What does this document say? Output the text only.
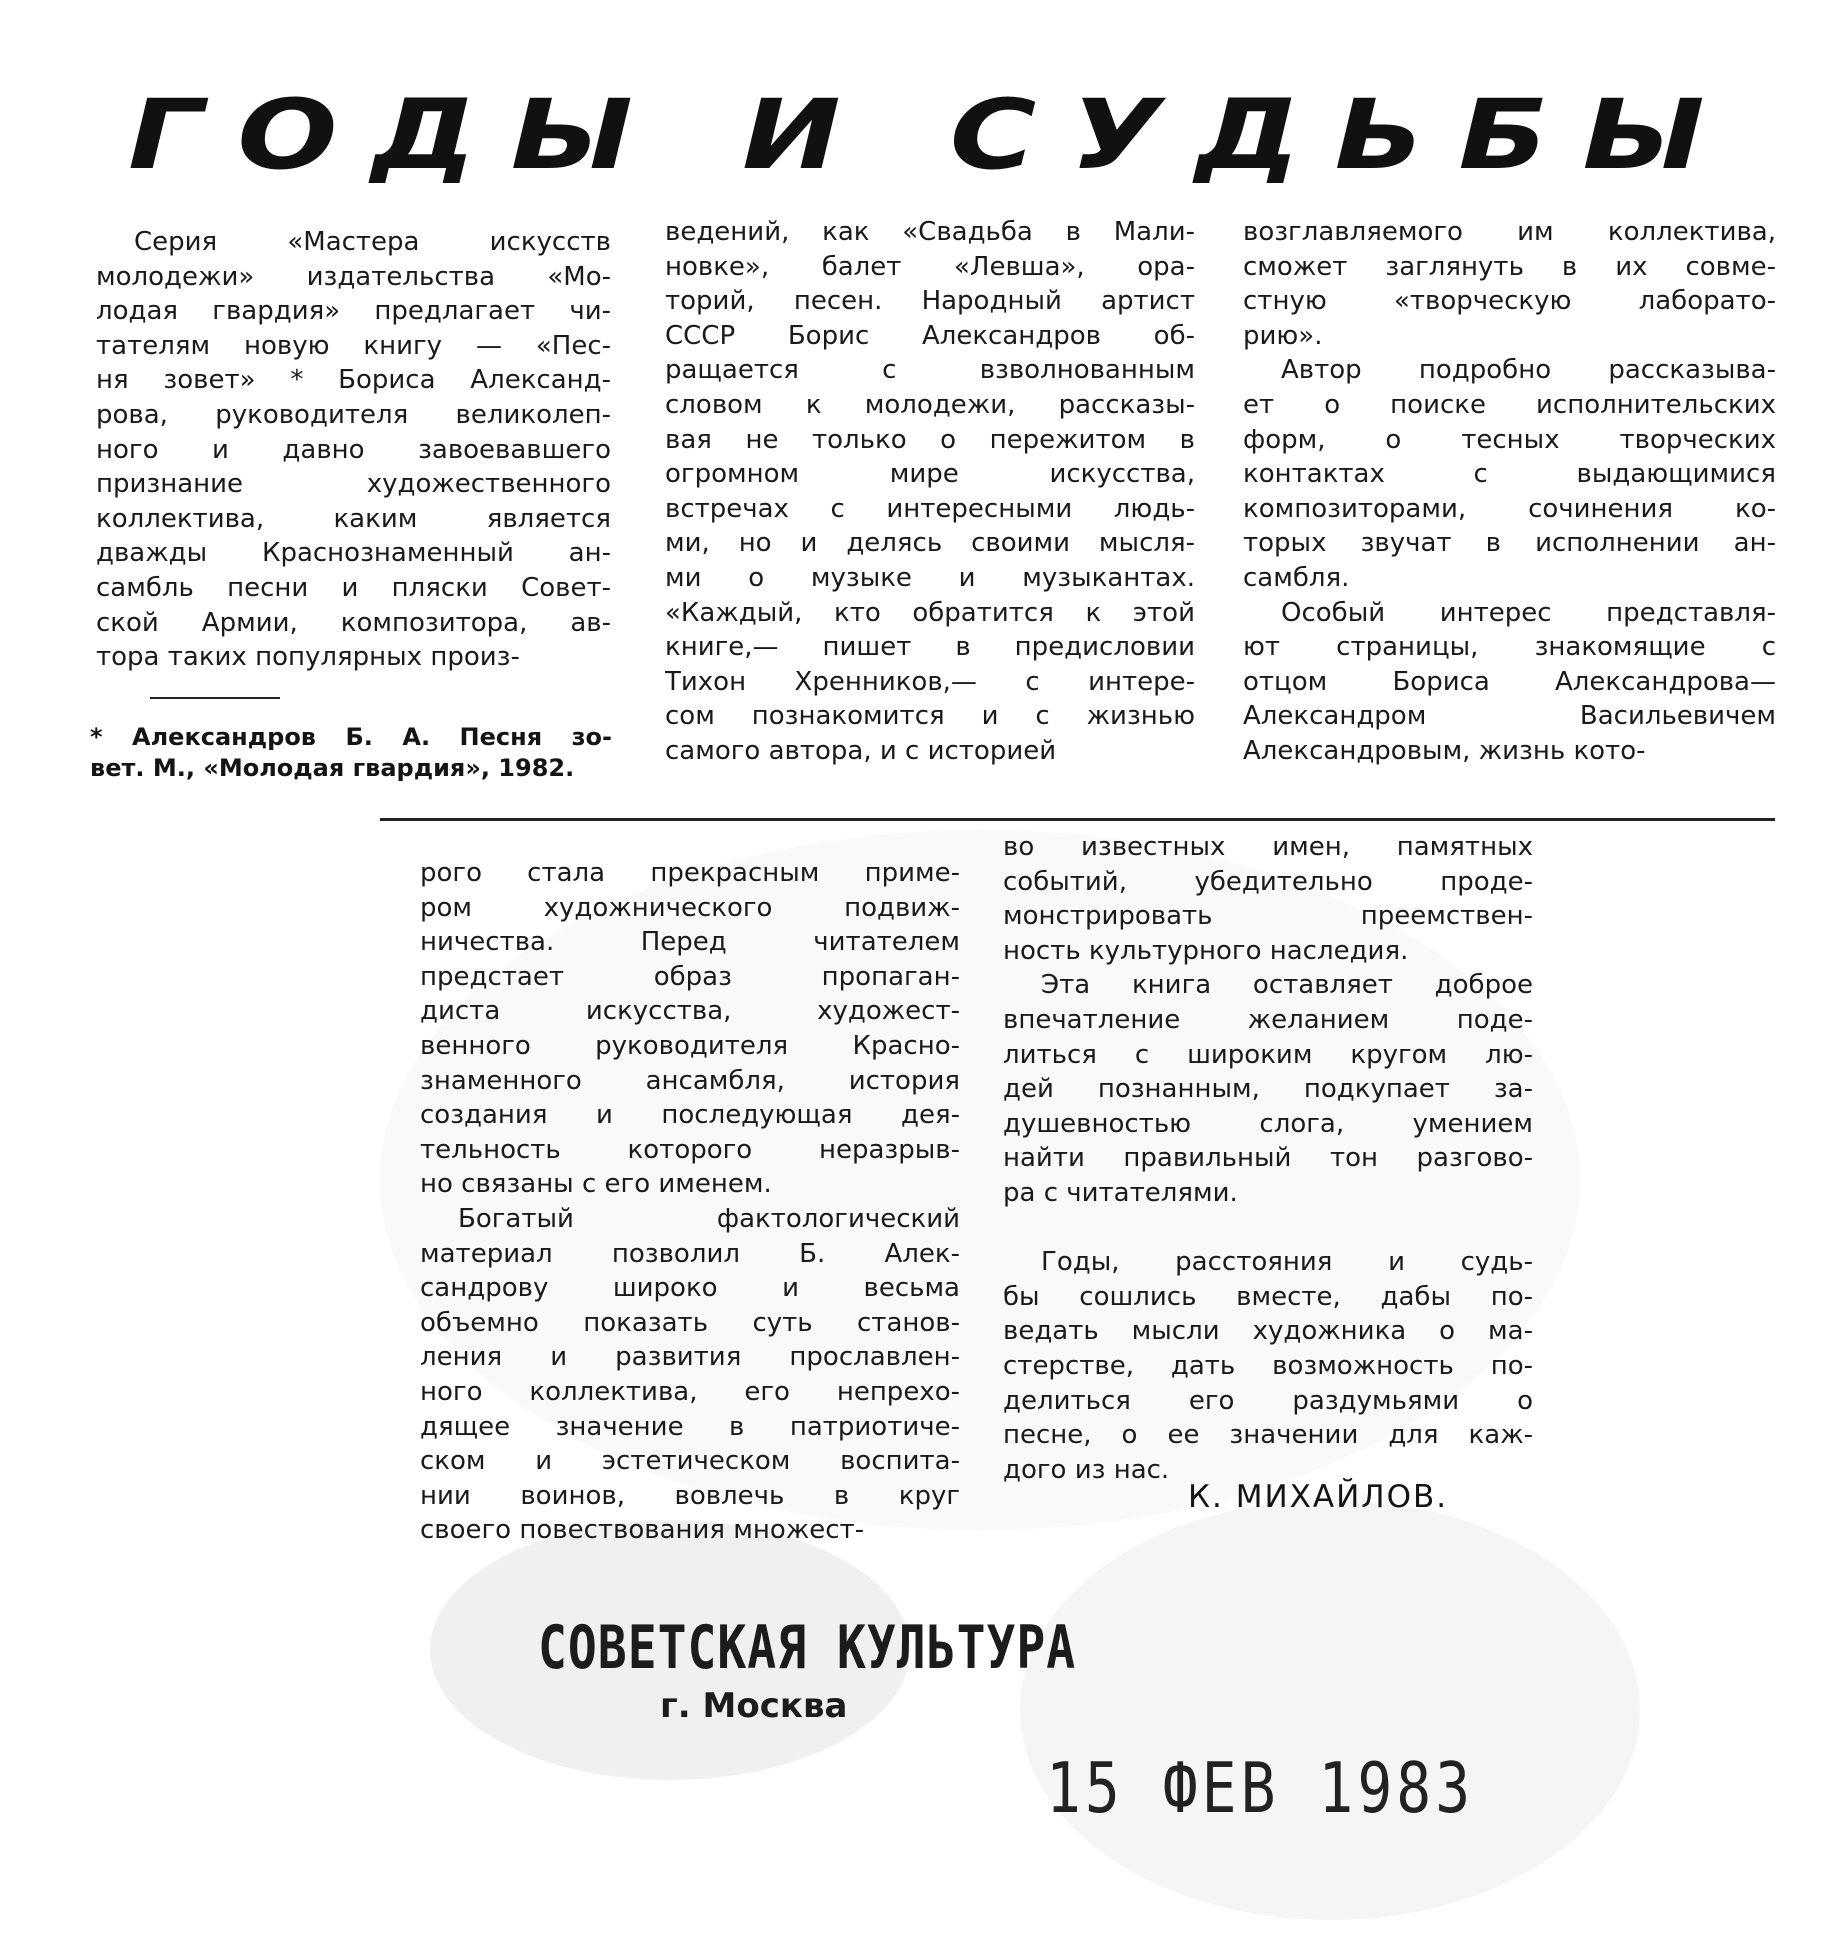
ГОДЫ И СУДЬБЫ
Серия «Мастера искусств
молодежи» издательства «Мо-
лодая гвардия» предлагает чи-
тателям новую книгу — «Пес-
ня зовет» * Бориса Александ-
рова, руководителя великолеп-
ного и давно завоевавшего
признание художественного
коллектива, каким является
дважды Краснознаменный ан-
самбль песни и пляски Совет-
ской Армии, композитора, ав-
тора таких популярных произ-
ведений, как «Свадьба в Мали-
новке», балет «Левша», ора-
торий, песен. Народный артист
СССР Борис Александров об-
ращается с взволнованным
словом к молодежи, рассказы-
вая не только о пережитом в
огромном мире искусства,
встречах с интересными людь-
ми, но и делясь своими мысля-
ми о музыке и музыкантах.
«Каждый, кто обратится к этой
книге,— пишет в предисловии
Тихон Хренников,— с интере-
сом познакомится и с жизнью
самого автора, и с историей
возглавляемого им коллектива,
сможет заглянуть в их совме-
стную «творческую лаборато-
рию».
Автор подробно рассказыва-
ет о поиске исполнительских
форм, о тесных творческих
контактах с выдающимися
композиторами, сочинения ко-
торых звучат в исполнении ан-
самбля.
Особый интерес представля-
ют страницы, знакомящие с
отцом Бориса Александрова—
Александром Васильевичем
Александровым, жизнь кото-
* Александров Б. А. Песня зо-
вет. М., «Молодая гвардия», 1982.
рого стала прекрасным приме-
ром художнического подвиж-
ничества. Перед читателем
предстает образ пропаган-
диста искусства, художест-
венного руководителя Красно-
знаменного ансамбля, история
создания и последующая дея-
тельность которого неразрыв-
но связаны с его именем.
Богатый фактологический
материал позволил Б. Алек-
сандрову широко и весьма
объемно показать суть станов-
ления и развития прославлен-
ного коллектива, его непрехо-
дящее значение в патриотиче-
ском и эстетическом воспита-
нии воинов, вовлечь в круг
своего повествования множест-
во известных имен, памятных
событий, убедительно проде-
монстрировать преемствен-
ность культурного наследия.
Эта книга оставляет доброе
впечатление желанием поде-
литься с широким кругом лю-
дей познанным, подкупает за-
душевностью слога, умением
найти правильный тон разгово-
ра с читателями.
Годы, расстояния и судь-
бы сошлись вместе, дабы по-
ведать мысли художника о ма-
стерстве, дать возможность по-
делиться его раздумьями о
песне, о ее значении для каж-
дого из нас.
К. МИХАЙЛОВ.
СОВЕТСКАЯ КУЛЬТУРА
г. Москва
15 ФЕВ 1983
